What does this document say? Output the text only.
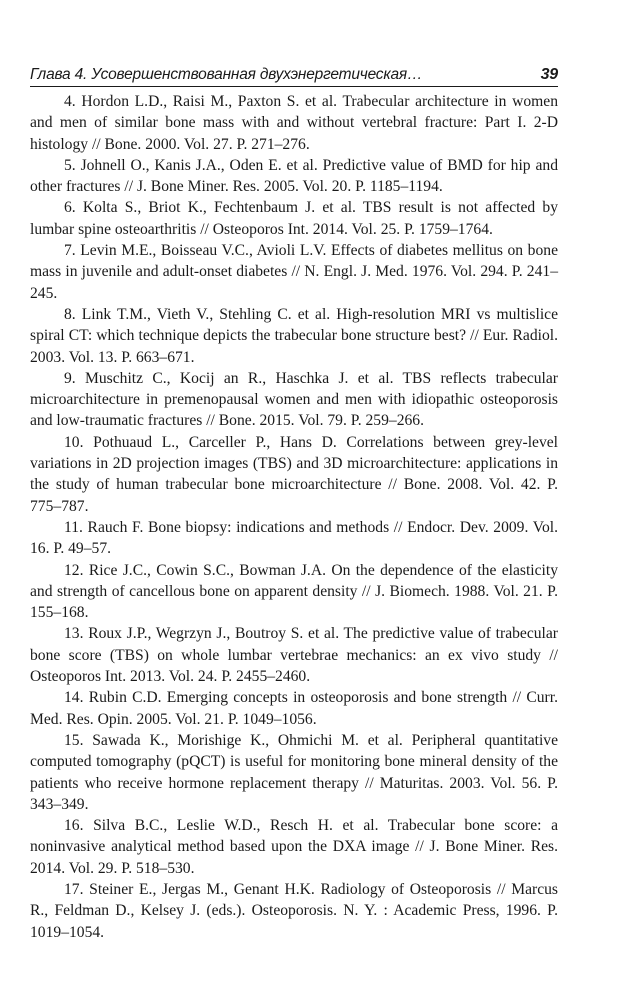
Глава 4. Усовершенствованная двухэнергетическая…	39

4. Hordon L.D., Raisi M., Paxton S. et al. Trabecular architecture in women and men of similar bone mass with and without vertebral fracture: Part I. 2-D histology // Bone. 2000. Vol. 27. P. 271–276.

5. Johnell O., Kanis J.A., Oden E. et al. Predictive value of BMD for hip and other fractures // J. Bone Miner. Res. 2005. Vol. 20. P. 1185–1194.

6. Kolta S., Briot K., Fechtenbaum J. et al. TBS result is not affected by lumbar spine osteoarthritis // Osteoporos Int. 2014. Vol. 25. P. 1759–1764.

7. Levin M.E., Boisseau V.C., Avioli L.V. Effects of diabetes mellitus on bone mass in juvenile and adult-onset diabetes // N. Engl. J. Med. 1976. Vol. 294. P. 241–245.

8. Link T.M., Vieth V., Stehling C. et al. High-resolution MRI vs multislice spiral CT: which technique depicts the trabecular bone structure best? // Eur. Radiol. 2003. Vol. 13. P. 663–671.

9. Muschitz C., Kocij an R., Haschka J. et al. TBS reflects trabecular microarchitecture in premenopausal women and men with idiopathic osteoporosis and low-traumatic fractures // Bone. 2015. Vol. 79. P. 259–266.

10. Pothuaud L., Carceller P., Hans D. Correlations between grey-level variations in 2D projection images (TBS) and 3D microarchitecture: applications in the study of human trabecular bone microarchitecture // Bone. 2008. Vol. 42. P. 775–787.

11. Rauch F. Bone biopsy: indications and methods // Endocr. Dev. 2009. Vol. 16. P. 49–57.

12. Rice J.C., Cowin S.C., Bowman J.A. On the dependence of the elasticity and strength of cancellous bone on apparent density // J. Biomech. 1988. Vol. 21. P. 155–168.

13. Roux J.P., Wegrzyn J., Boutroy S. et al. The predictive value of trabecular bone score (TBS) on whole lumbar vertebrae mechanics: an ex vivo study // Osteoporos Int. 2013. Vol. 24. P. 2455–2460.

14. Rubin C.D. Emerging concepts in osteoporosis and bone strength // Curr. Med. Res. Opin. 2005. Vol. 21. P. 1049–1056.

15. Sawada K., Morishige K., Ohmichi M. et al. Peripheral quantitative computed tomography (pQCT) is useful for monitoring bone mineral density of the patients who receive hormone replacement therapy // Maturitas. 2003. Vol. 56. P. 343–349.

16. Silva B.C., Leslie W.D., Resch H. et al. Trabecular bone score: a noninvasive analytical method based upon the DXA image // J. Bone Miner. Res. 2014. Vol. 29. P. 518–530.

17. Steiner E., Jergas M., Genant H.K. Radiology of Osteoporosis // Marcus R., Feldman D., Kelsey J. (eds.). Osteoporosis. N. Y. : Academic Press, 1996. P. 1019–1054.
